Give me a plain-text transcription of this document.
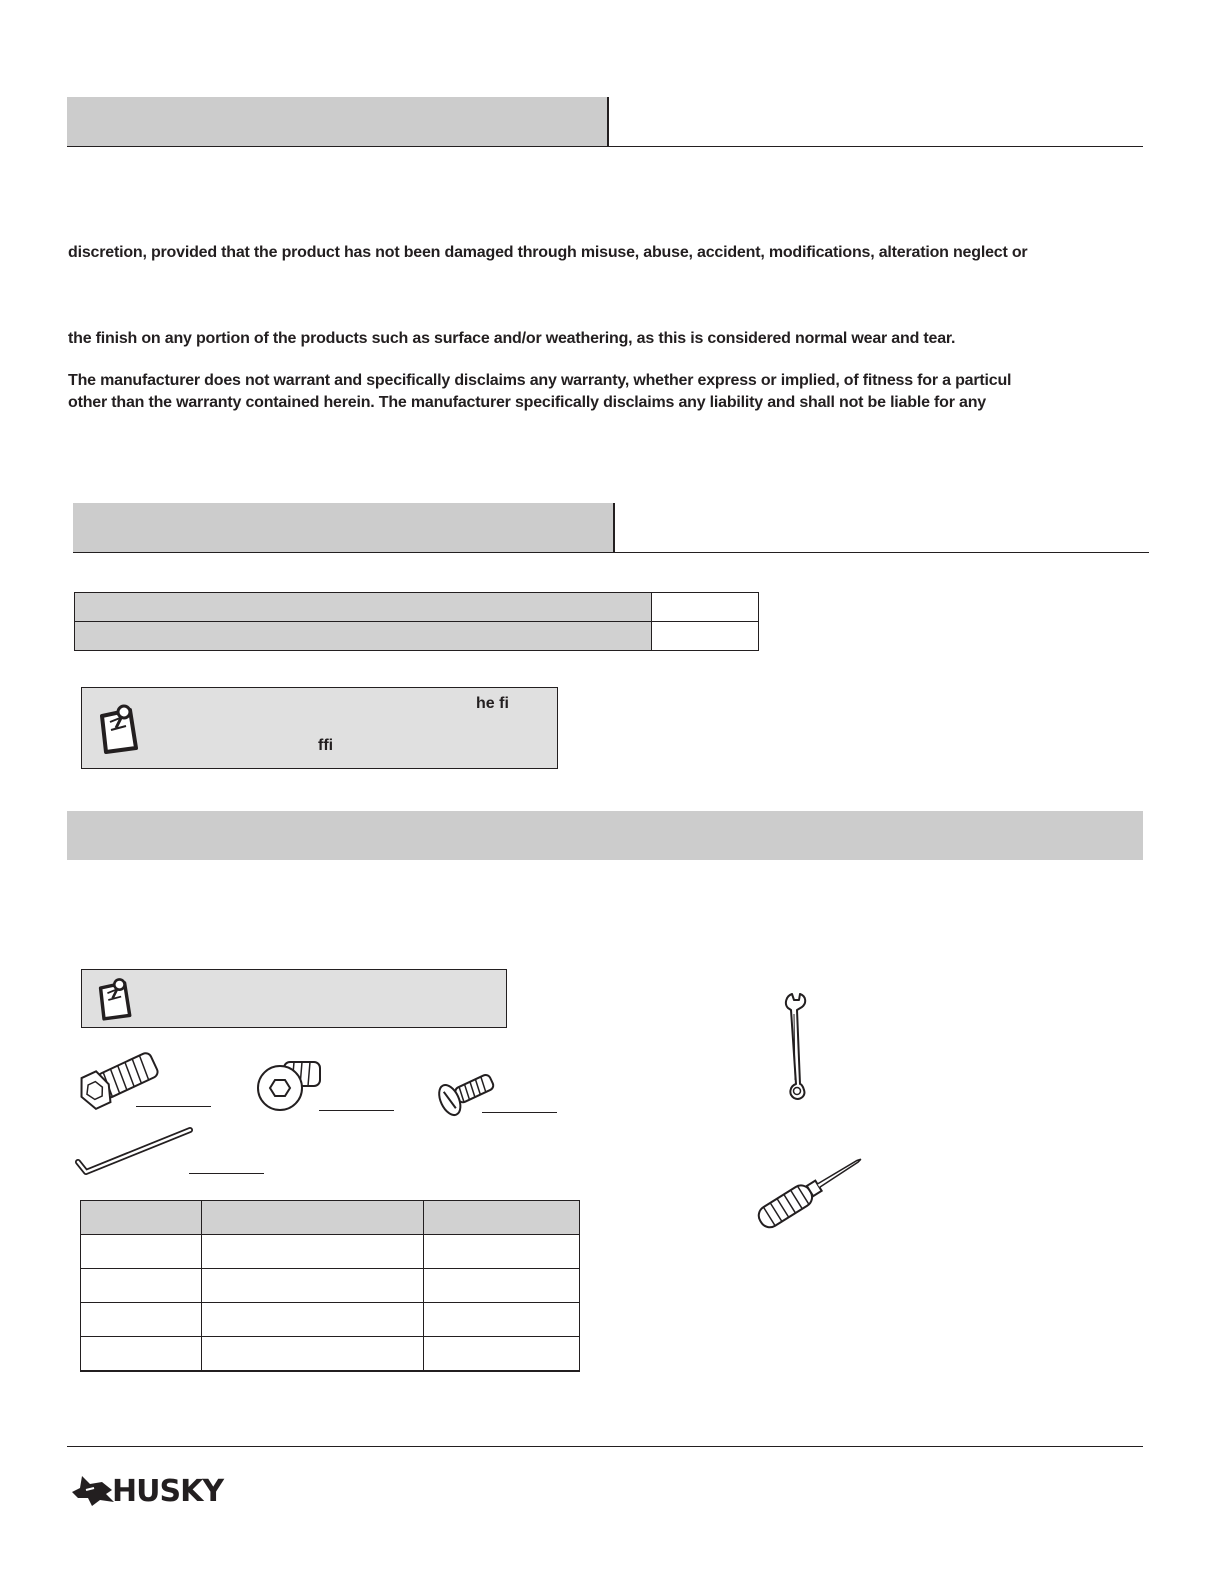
discretion, provided that the product has not been damaged through misuse, abuse, accident, modifications, alteration neglect or
the finish on any portion of the products such as surface and/or weathering, as this is considered normal wear and tear.
The manufacturer does not warrant and specifically disclaims any warranty, whether express or implied, of fitness for a particul
other than the warranty contained herein. The manufacturer specifically disclaims any liability and shall not be liable for any

he fi
ffi

HUSKY
